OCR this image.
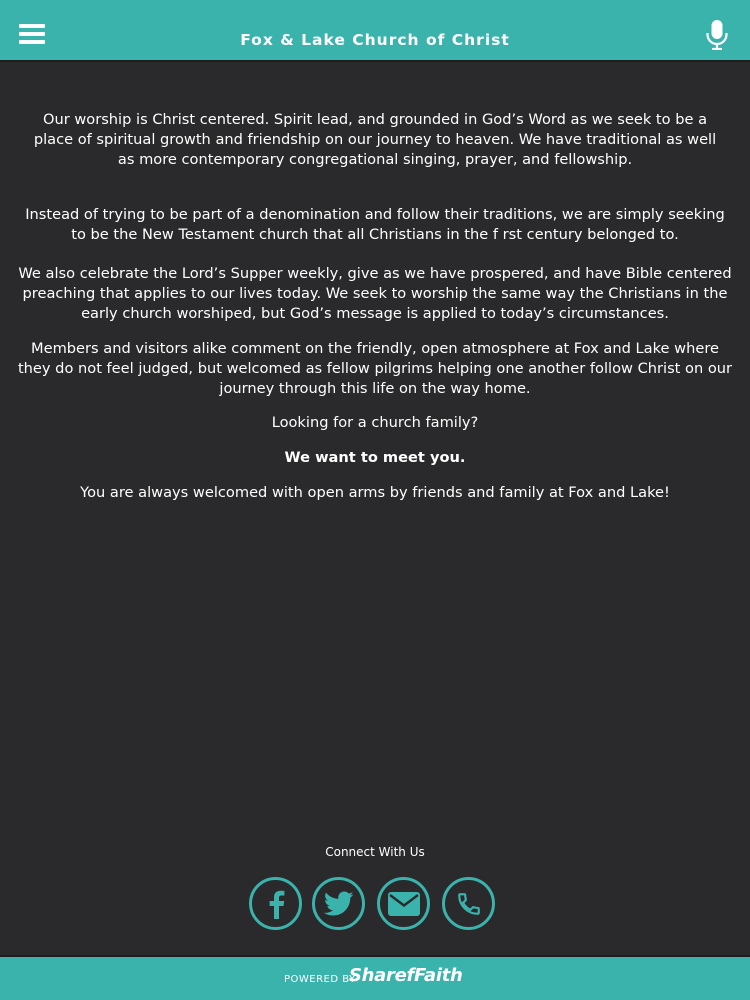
Fox & Lake Church of Christ

Our worship is Christ centered. Spirit lead, and grounded in God’s Word as we seek to be a place of spiritual growth and friendship on our journey to heaven. We have traditional as well as more contemporary congregational singing, prayer, and fellowship.

Instead of trying to be part of a denomination and follow their traditions, we are simply seeking to be the New Testament church that all Christians in the f rst century belonged to.

We also celebrate the Lord’s Supper weekly, give as we have prospered, and have Bible centered preaching that applies to our lives today. We seek to worship the same way the Christians in the early church worshiped, but God’s message is applied to today’s circumstances.

Members and visitors alike comment on the friendly, open atmosphere at Fox and Lake where they do not feel judged, but welcomed as fellow pilgrims helping one another follow Christ on our journey through this life on the way home.

Looking for a church family?

We want to meet you.

You are always welcomed with open arms by friends and family at Fox and Lake!

Connect With Us
POWERED BY
SharefFaith
